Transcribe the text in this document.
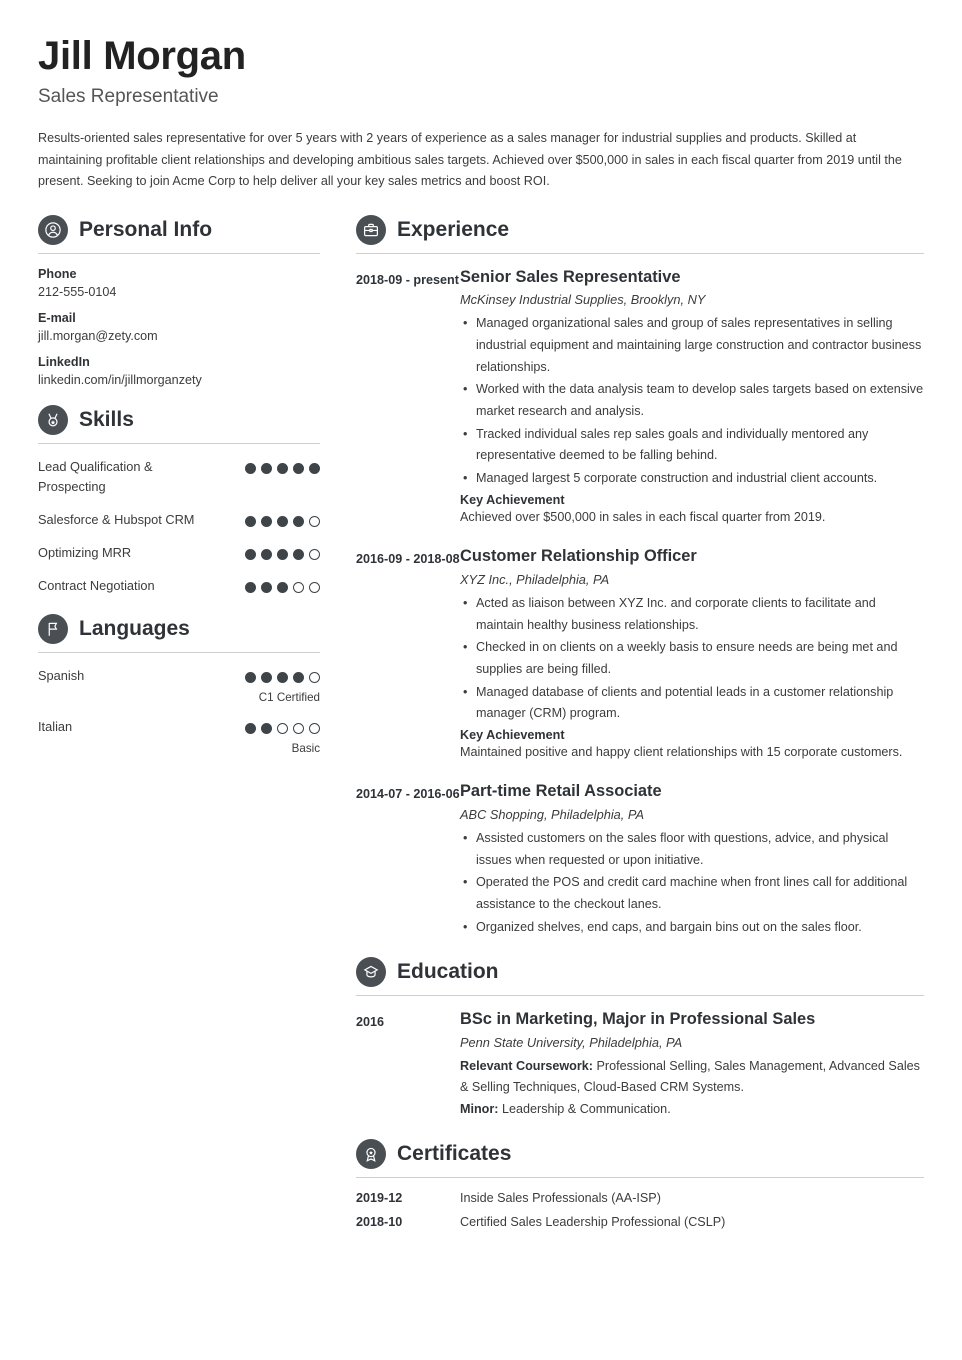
Jill Morgan
Sales Representative

Results-oriented sales representative for over 5 years with 2 years of experience as a sales manager for industrial supplies and products. Skilled at maintaining profitable client relationships and developing ambitious sales targets. Achieved over $500,000 in sales in each fiscal quarter from 2019 until the present. Seeking to join Acme Corp to help deliver all your key sales metrics and boost ROI.

Personal Info
Phone
212-555-0104
E-mail
jill.morgan@zety.com
LinkedIn
linkedin.com/in/jillmorganzety
Skills
Lead Qualification & Prospecting
Salesforce & Hubspot CRM
Optimizing MRR
Contract Negotiation
Languages
Spanish
C1 Certified
Italian
Basic
Experience
2018-09 - present Senior Sales Representative
McKinsey Industrial Supplies, Brooklyn, NY
• Managed organizational sales and group of sales representatives in selling industrial equipment and maintaining large construction and contractor business relationships.
• Worked with the data analysis team to develop sales targets based on extensive market research and analysis.
• Tracked individual sales rep sales goals and individually mentored any representative deemed to be falling behind.
• Managed largest 5 corporate construction and industrial client accounts.
Key Achievement
Achieved over $500,000 in sales in each fiscal quarter from 2019.
2016-09 - 2018-08 Customer Relationship Officer
XYZ Inc., Philadelphia, PA
• Acted as liaison between XYZ Inc. and corporate clients to facilitate and maintain healthy business relationships.
• Checked in on clients on a weekly basis to ensure needs are being met and supplies are being filled.
• Managed database of clients and potential leads in a customer relationship manager (CRM) program.
Key Achievement
Maintained positive and happy client relationships with 15 corporate customers.
2014-07 - 2016-06 Part-time Retail Associate
ABC Shopping, Philadelphia, PA
• Assisted customers on the sales floor with questions, advice, and physical issues when requested or upon initiative.
• Operated the POS and credit card machine when front lines call for additional assistance to the checkout lanes.
• Organized shelves, end caps, and bargain bins out on the sales floor.
Education
2016	BSc in Marketing, Major in Professional Sales
Penn State University, Philadelphia, PA
Relevant Coursework: Professional Selling, Sales Management, Advanced Sales & Selling Techniques, Cloud-Based CRM Systems.
Minor: Leadership & Communication.
Certificates
2019-12	Inside Sales Professionals (AA-ISP)
2018-10	Certified Sales Leadership Professional (CSLP)
